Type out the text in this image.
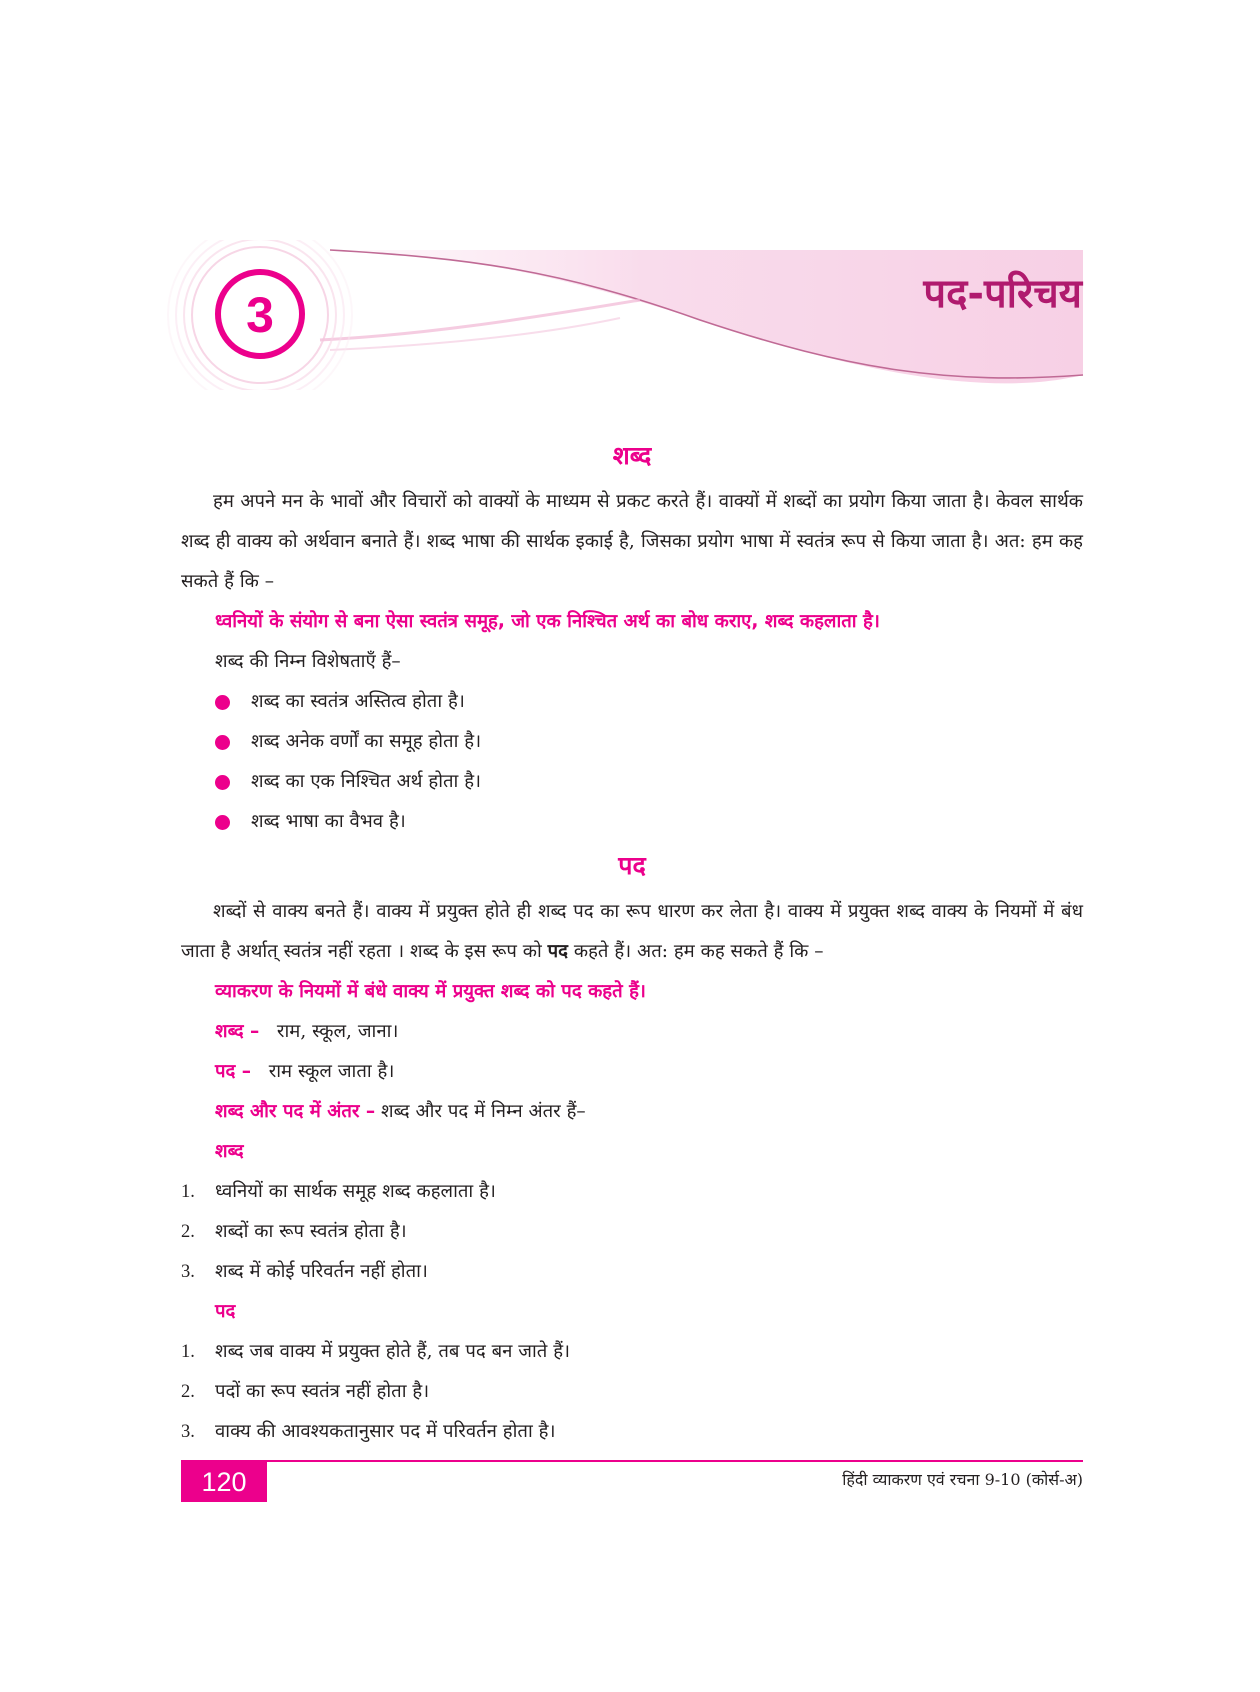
3	पद-परिचय
शब्द

हम अपने मन के भावों और विचारों को वाक्यों के माध्यम से प्रकट करते हैं। वाक्यों में शब्दों का प्रयोग किया जाता है। केवल सार्थक शब्द ही वाक्य को अर्थवान बनाते हैं। शब्द भाषा की सार्थक इकाई है, जिसका प्रयोग भाषा में स्वतंत्र रूप से किया जाता है। अत: हम कह सकते हैं कि –

ध्वनियों के संयोग से बना ऐसा स्वतंत्र समूह, जो एक निश्चित अर्थ का बोध कराए, शब्द कहलाता है।

शब्द की निम्न विशेषताएँ हैं–

शब्द का स्वतंत्र अस्तित्व होता है।
शब्द अनेक वर्णों का समूह होता है।
शब्द का एक निश्चित अर्थ होता है।
शब्द भाषा का वैभव है।
पद

शब्दों से वाक्य बनते हैं। वाक्य में प्रयुक्त होते ही शब्द पद का रूप धारण कर लेता है। वाक्य में प्रयुक्त शब्द वाक्य के नियमों में बंध जाता है अर्थात् स्वतंत्र नहीं रहता । शब्द के इस रूप को पद कहते हैं। अत: हम कह सकते हैं कि –

व्याकरण के नियमों में बंधे वाक्य में प्रयुक्त शब्द को पद कहते हैं।

शब्द – राम, स्कूल, जाना।

पद – राम स्कूल जाता है।

शब्द और पद में अंतर – शब्द और पद में निम्न अंतर हैं–

शब्द

1. ध्वनियों का सार्थक समूह शब्द कहलाता है।
2. शब्दों का रूप स्वतंत्र होता है।
3. शब्द में कोई परिवर्तन नहीं होता।

पद

1. शब्द जब वाक्य में प्रयुक्त होते हैं, तब पद बन जाते हैं।
2. पदों का रूप स्वतंत्र नहीं होता है।
3. वाक्य की आवश्यकतानुसार पद में परिवर्तन होता है।
120	हिंदी व्याकरण एवं रचना 9-10 (कोर्स-अ)
